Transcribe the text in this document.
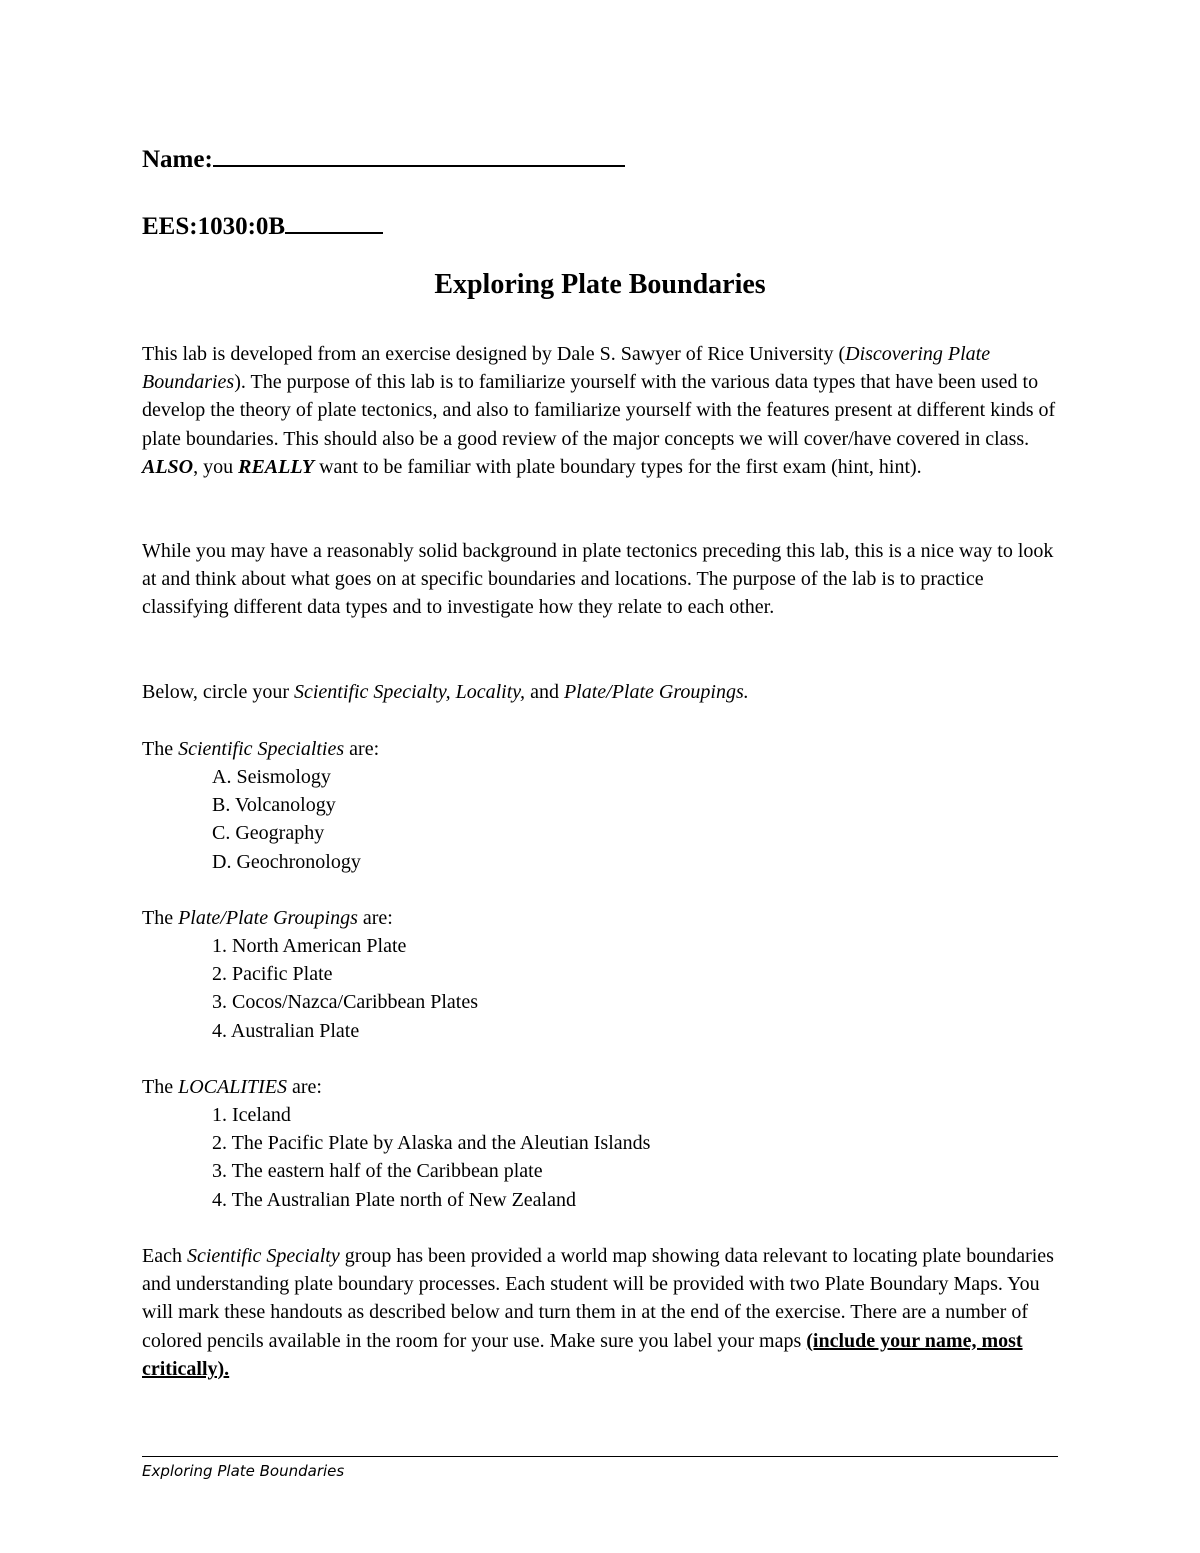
Name:
EES:1030:0B
Exploring Plate Boundaries

This lab is developed from an exercise designed by Dale S. Sawyer of Rice University (Discovering Plate Boundaries). The purpose of this lab is to familiarize yourself with the various data types that have been used to develop the theory of plate tectonics, and also to familiarize yourself with the features present at different kinds of plate boundaries. This should also be a good review of the major concepts we will cover/have covered in class. ALSO, you REALLY want to be familiar with plate boundary types for the first exam (hint, hint).

While you may have a reasonably solid background in plate tectonics preceding this lab, this is a nice way to look at and think about what goes on at specific boundaries and locations. The purpose of the lab is to practice classifying different data types and to investigate how they relate to each other.

Below, circle your Scientific Specialty, Locality, and Plate/Plate Groupings.

The Scientific Specialties are:
A. Seismology
B. Volcanology
C. Geography
D. Geochronology
The Plate/Plate Groupings are:
1. North American Plate
2. Pacific Plate
3. Cocos/Nazca/Caribbean Plates
4. Australian Plate
The LOCALITIES are:
1. Iceland
2. The Pacific Plate by Alaska and the Aleutian Islands
3. The eastern half of the Caribbean plate
4. The Australian Plate north of New Zealand

Each Scientific Specialty group has been provided a world map showing data relevant to locating plate boundaries and understanding plate boundary processes. Each student will be provided with two Plate Boundary Maps. You will mark these handouts as described below and turn them in at the end of the exercise. There are a number of colored pencils available in the room for your use. Make sure you label your maps (include your name, most critically).

Exploring Plate Boundaries
